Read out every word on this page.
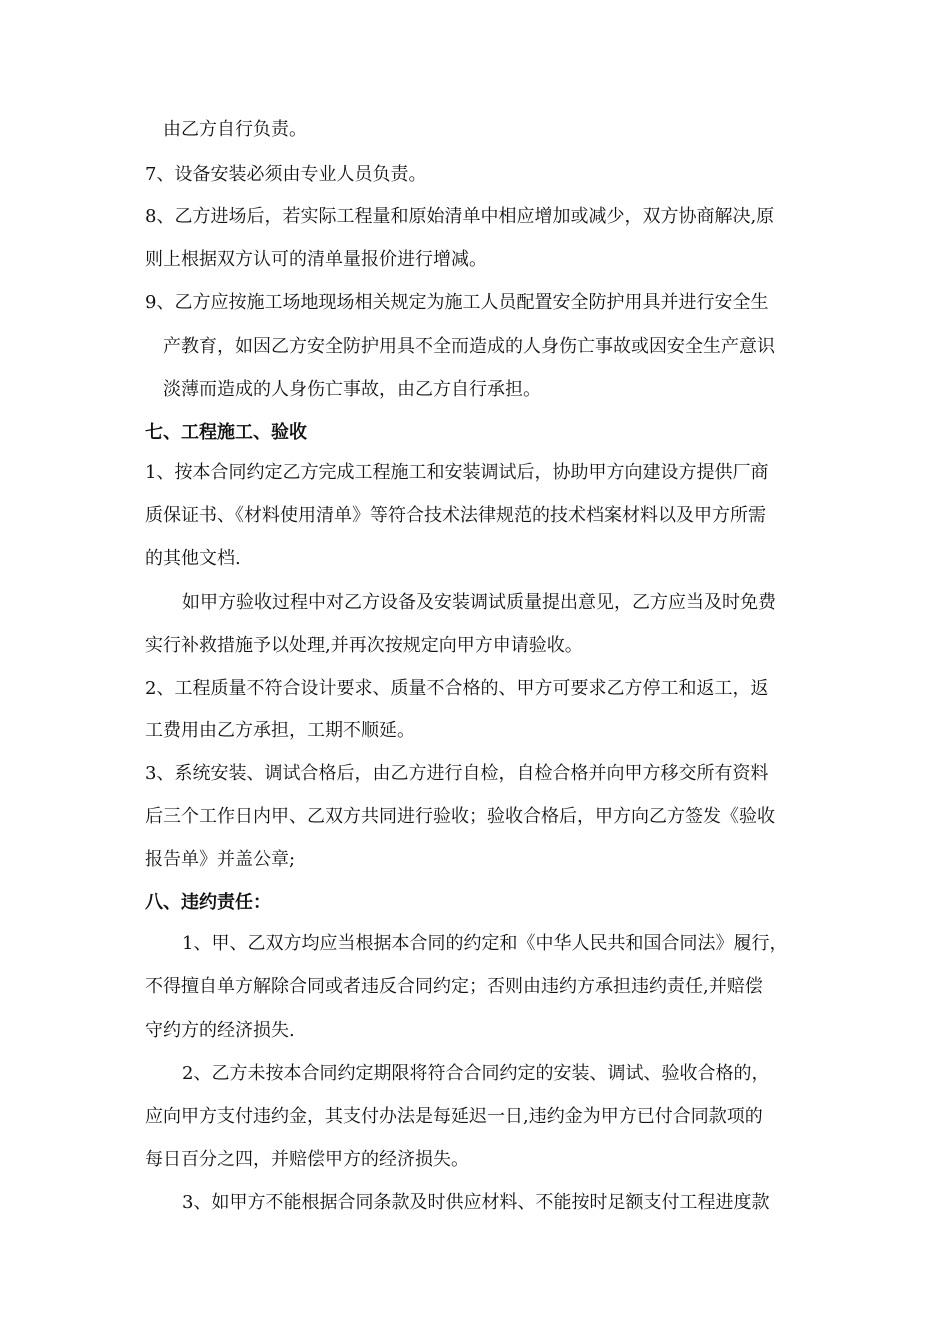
由乙方自行负责。
7、设备安装必须由专业人员负责。
8、乙方进场后，若实际工程量和原始清单中相应增加或减少，双方协商解决,原
则上根据双方认可的清单量报价进行增减。
9、乙方应按施工场地现场相关规定为施工人员配置安全防护用具并进行安全生
产教育，如因乙方安全防护用具不全而造成的人身伤亡事故或因安全生产意识
淡薄而造成的人身伤亡事故，由乙方自行承担。
七、工程施工、验收
1、按本合同约定乙方完成工程施工和安装调试后，协助甲方向建设方提供厂商
质保证书、《材料使用清单》等符合技术法律规范的技术档案材料以及甲方所需
的其他文档.
如甲方验收过程中对乙方设备及安装调试质量提出意见，乙方应当及时免费
实行补救措施予以处理,并再次按规定向甲方申请验收。
2、工程质量不符合设计要求、质量不合格的、甲方可要求乙方停工和返工，返
工费用由乙方承担，工期不顺延。
3、系统安装、调试合格后，由乙方进行自检，自检合格并向甲方移交所有资料
后三个工作日内甲、乙双方共同进行验收；验收合格后，甲方向乙方签发《验收
报告单》并盖公章;
八、违约责任：
1、甲、乙双方均应当根据本合同的约定和《中华人民共和国合同法》履行，
不得擅自单方解除合同或者违反合同约定；否则由违约方承担违约责任,并赔偿
守约方的经济损失.
2、乙方未按本合同约定期限将符合合同约定的安装、调试、验收合格的，
应向甲方支付违约金，其支付办法是每延迟一日,违约金为甲方已付合同款项的
每日百分之四，并赔偿甲方的经济损失。
3、如甲方不能根据合同条款及时供应材料、不能按时足额支付工程进度款
